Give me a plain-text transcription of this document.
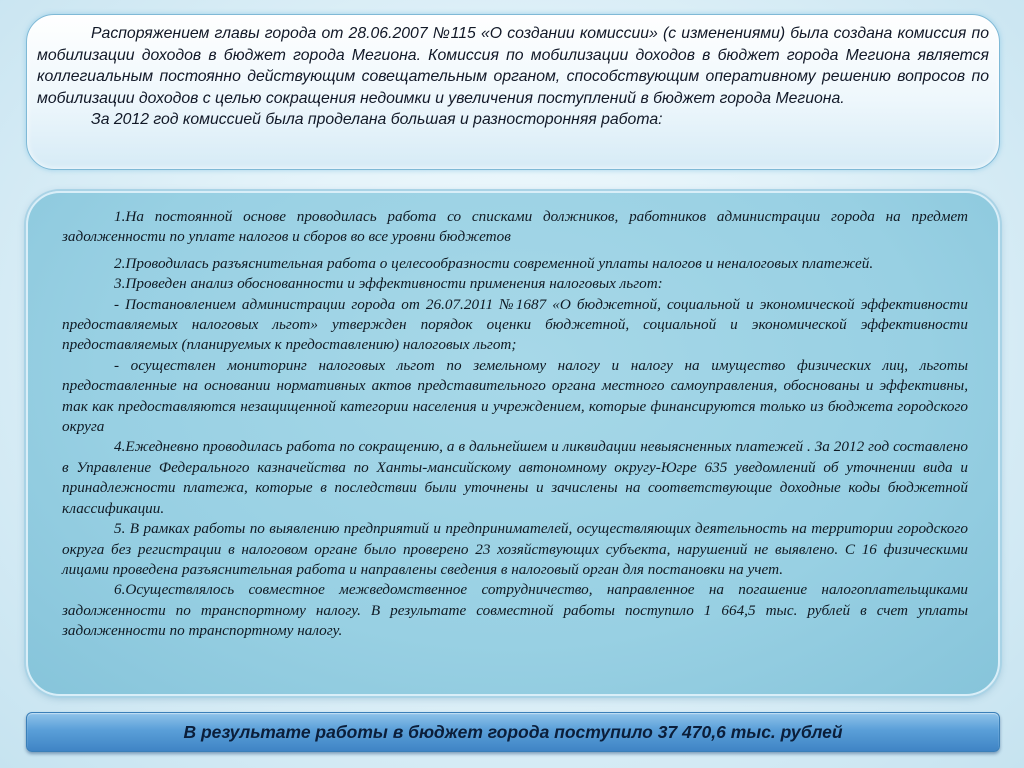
Распоряжением главы города от 28.06.2007 №115 «О создании комиссии» (с изменениями) была создана комиссия по мобилизации доходов в бюджет города Мегиона. Комиссия по мобилизации доходов в бюджет города Мегиона является коллегиальным постоянно действующим совещательным органом, способствующим оперативному решению вопросов по мобилизации доходов с целью сокращения недоимки и увеличения поступлений в бюджет города Мегиона.

За 2012 год комиссией была проделана большая и разносторонняя работа:

1.На постоянной основе проводилась работа со списками должников, работников администрации города на предмет задолженности по уплате налогов и сборов во все уровни бюджетов

2.Проводилась разъяснительная работа о целесообразности современной уплаты налогов и неналоговых платежей.

3.Проведен анализ обоснованности и эффективности применения налоговых льгот:

- Постановлением администрации города от 26.07.2011 №1687 «О бюджетной, социальной и экономической эффективности предоставляемых налоговых льгот» утвержден порядок оценки бюджетной, социальной и экономической эффективности предоставляемых (планируемых к предоставлению) налоговых льгот;

- осуществлен мониторинг налоговых льгот по земельному налогу и налогу на имущество физических лиц, льготы предоставленные на основании нормативных актов представительного органа местного самоуправления, обоснованы и эффективны, так как предоставляются незащищенной категории населения и учреждением, которые финансируются только из бюджета городского округа

4.Ежедневно проводилась работа по сокращению, а в дальнейшем и ликвидации невыясненных платежей . За 2012 год составлено в Управление Федерального казначейства по Ханты-мансийскому автономному округу-Югре 635 уведомлений об уточнении вида и принадлежности платежа, которые в последствии были уточнены и зачислены на соответствующие доходные коды бюджетной классификации.

5. В рамках работы по выявлению предприятий и предпринимателей, осуществляющих деятельность на территории городского округа без регистрации в налоговом органе было проверено 23 хозяйствующих субъекта, нарушений не выявлено. С 16 физическими лицами проведена разъяснительная работа и направлены сведения в налоговый орган для постановки на учет.

6.Осуществлялось совместное межведомственное сотрудничество, направленное на погашение налогоплательщиками задолженности по транспортному налогу. В результате совместной работы поступило 1 664,5 тыс. рублей в счет уплаты задолженности по транспортному налогу.

В результате работы в бюджет города поступило 37 470,6 тыс. рублей
